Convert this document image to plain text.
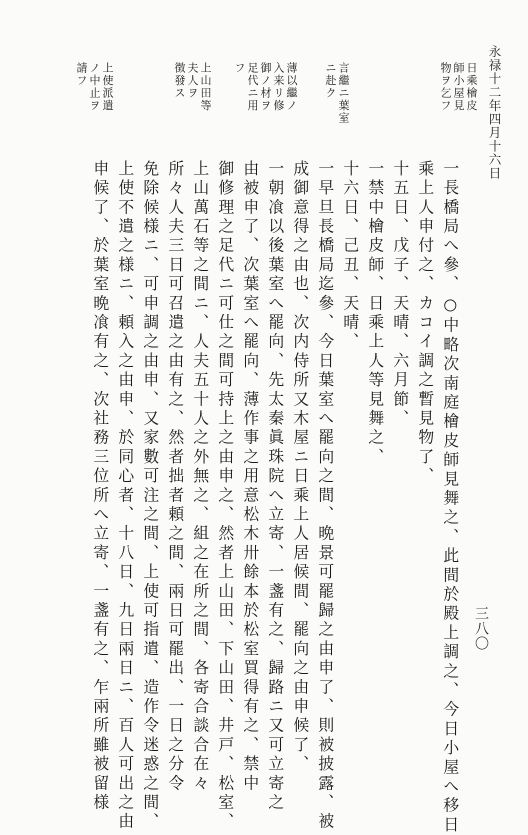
永禄十二年四月十六日
三八〇
日乘檜皮
師小屋見
物ヲ乞フ
言繼ニ葉室
ニ赴ク
薄以繼ノ
入来リ修
御ノ材ヲ
足代ニ用
フ
上山田等
夫人ヲ
徴發ス
上使派遣
ノ中止ヲ
請フ
一長橋局へ參、○中略次南庭檜皮師見舞之、此間於殿上調之、今日小屋へ移日
乘上人申付之、カコイ調之暫見物了、
十五日、戊子、天晴、六月節、
一禁中檜皮師、日乘上人等見舞之、
十六日、己丑、天晴、
一早旦長橋局迄參、今日葉室へ罷向之間、晩景可罷歸之由申了、則被披露、被
成御意得之由也、次内侍所又木屋ニ日乘上人居候間、罷向之由申候了、
一朝飡以後葉室へ罷向、先太秦眞珠院へ立寄、一盞有之、歸路ニ又可立寄之
由被申了、次葉室へ罷向、薄作事之用意松木卅餘本於松室買得有之、禁中
御修理之足代ニ可仕之間可持上之由申之、然者上山田、下山田、井戸、松室、
上山萬石等之間ニ、人夫五十人之外無之、組之在所之間、各寄合談合在々
所々人夫三日可召遣之由有之、然者拙者頼之間、兩日可罷出、一日之分令
免除候様ニ、可申調之由申、又家數可注之間、上使可指遣、造作令迷惑之間、
上使不遣之様ニ、頼入之由申、於同心者、十八日、九日兩日ニ、百人可出之由
申候了、於葉室晩飡有之、次社務三位所へ立寄、一盞有之、乍兩所雖被留様
